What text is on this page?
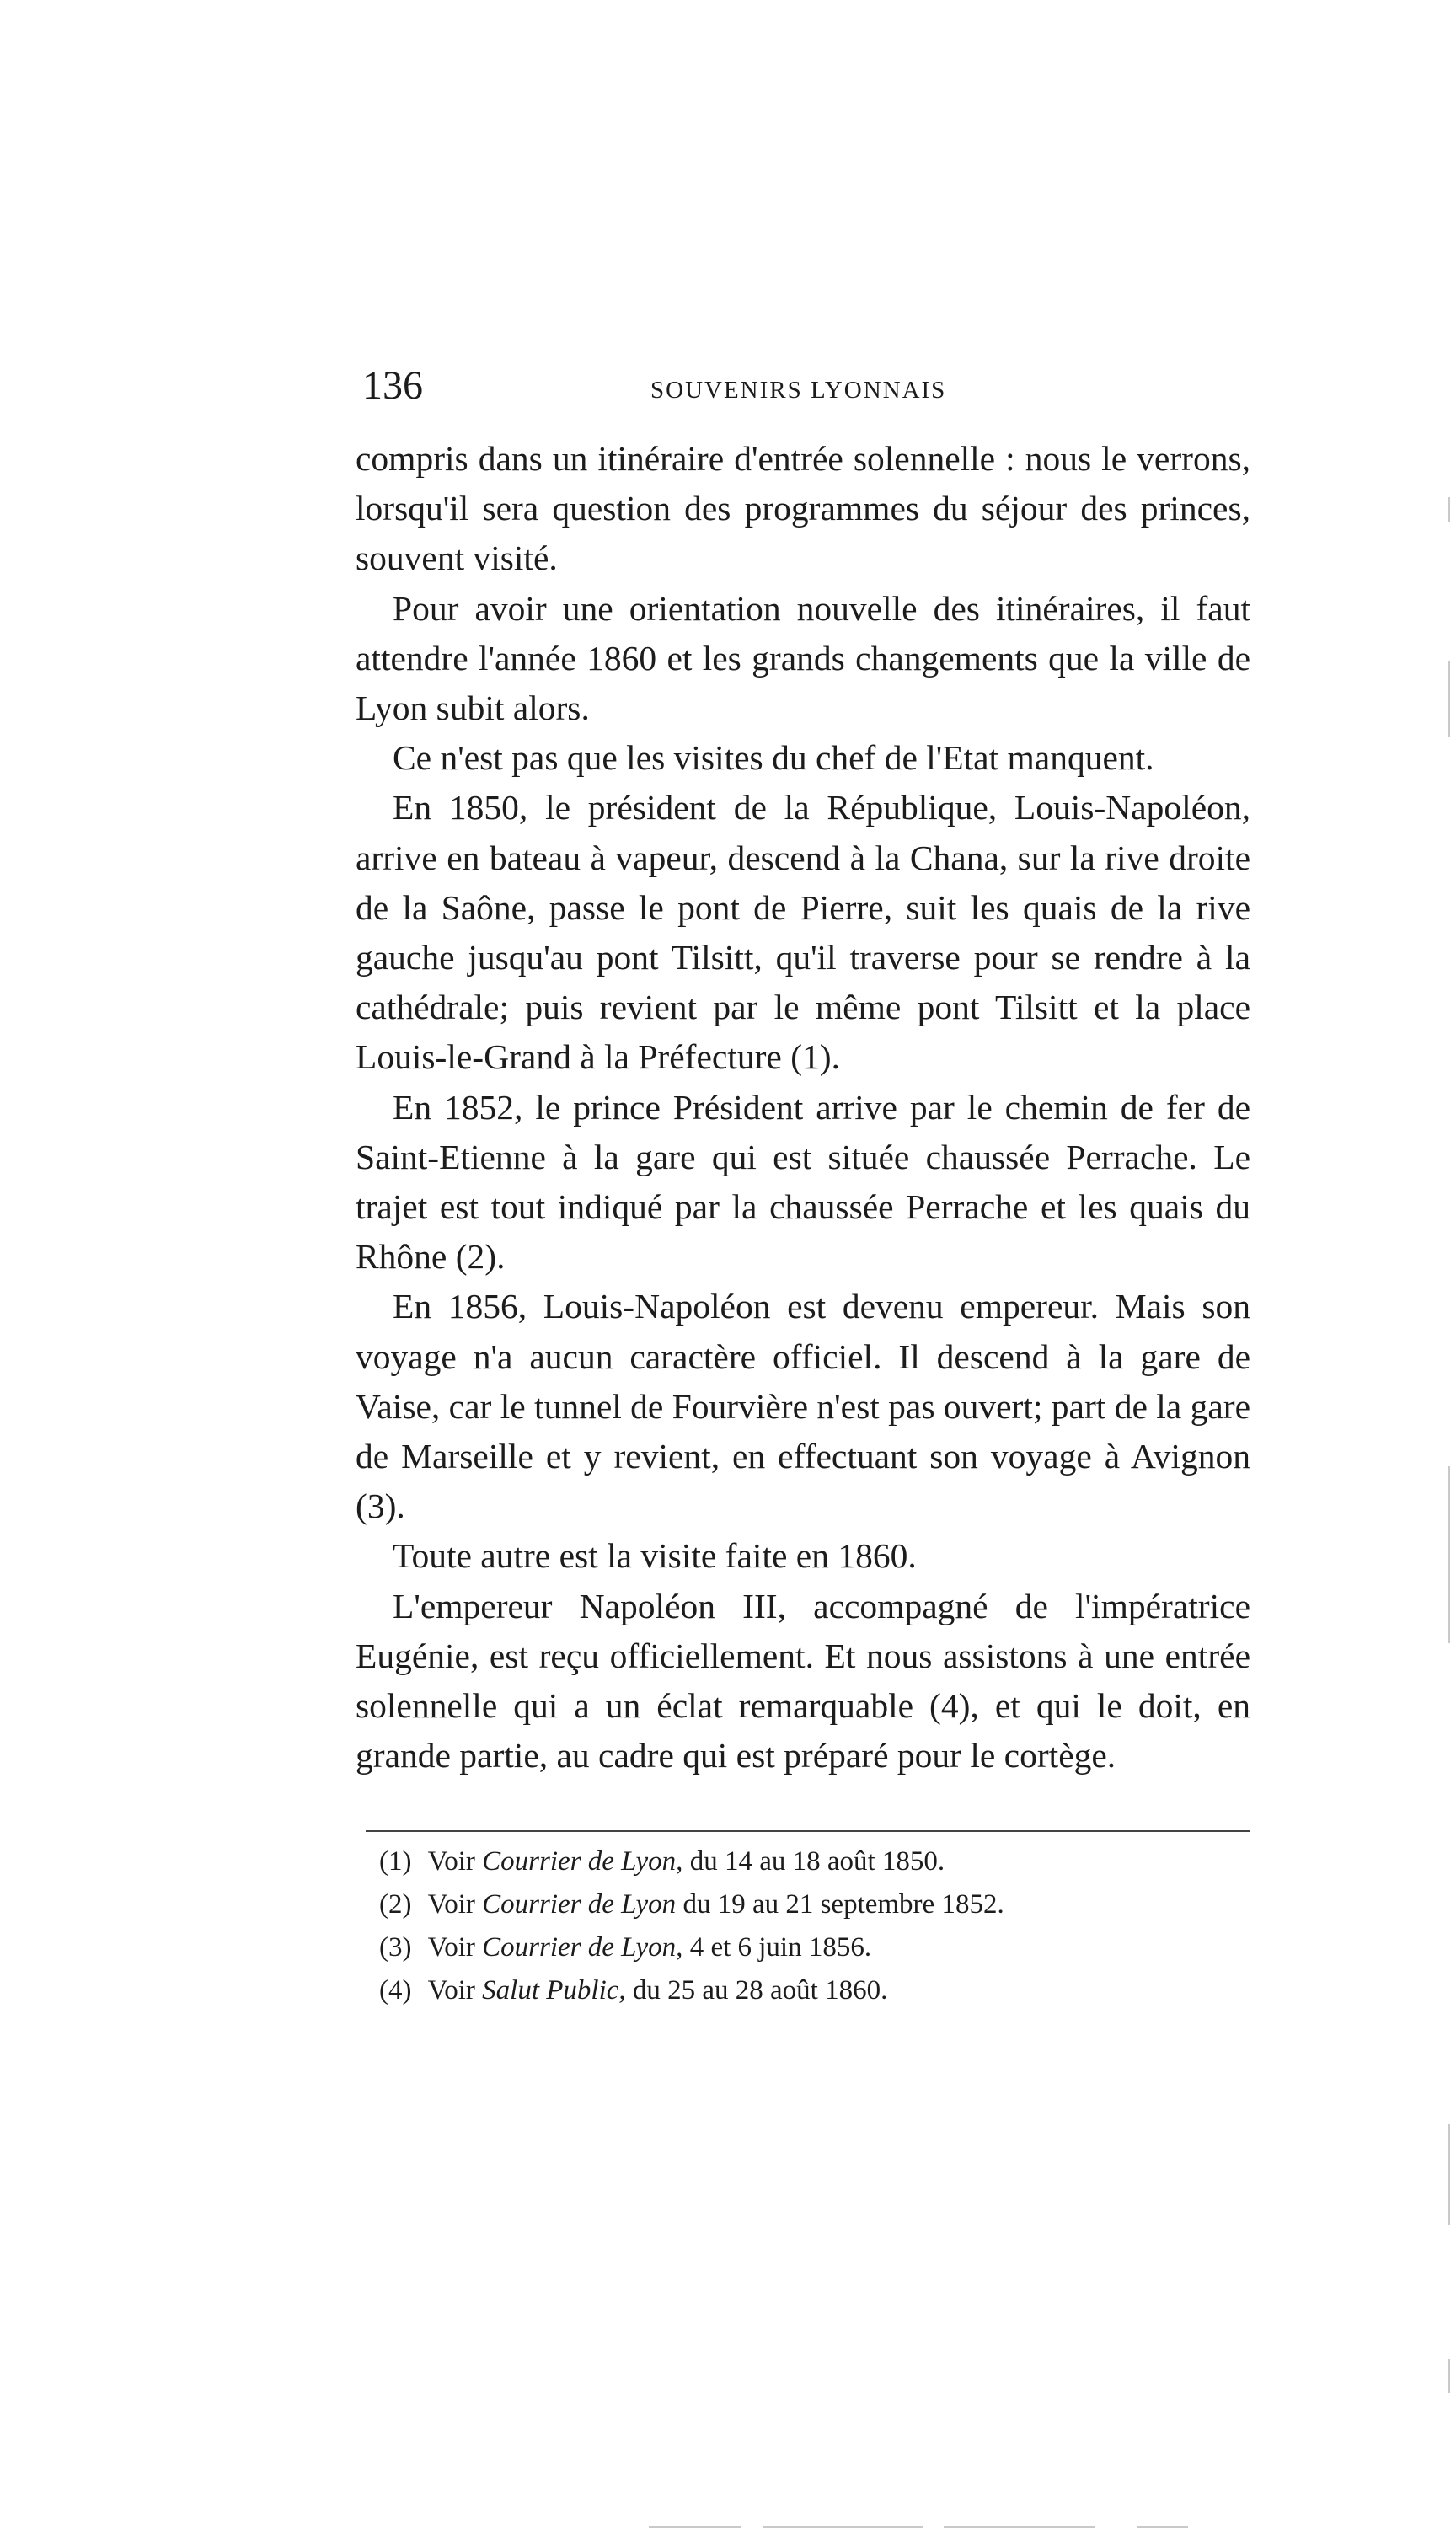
136	SOUVENIRS LYONNAIS

compris dans un itinéraire d'entrée solennelle : nous le verrons, lorsqu'il sera question des programmes du séjour des princes, souvent visité.

Pour avoir une orientation nouvelle des itinéraires, il faut attendre l'année 1860 et les grands changements que la ville de Lyon subit alors.

Ce n'est pas que les visites du chef de l'Etat manquent.

En 1850, le président de la République, Louis-Napoléon, arrive en bateau à vapeur, descend à la Chana, sur la rive droite de la Saône, passe le pont de Pierre, suit les quais de la rive gauche jusqu'au pont Tilsitt, qu'il traverse pour se rendre à la cathédrale; puis revient par le même pont Tilsitt et la place Louis-le-Grand à la Préfecture (1).

En 1852, le prince Président arrive par le chemin de fer de Saint-Etienne à la gare qui est située chaussée Perrache. Le trajet est tout indiqué par la chaussée Perrache et les quais du Rhône (2).

En 1856, Louis-Napoléon est devenu empereur. Mais son voyage n'a aucun caractère officiel. Il descend à la gare de Vaise, car le tunnel de Fourvière n'est pas ouvert; part de la gare de Marseille et y revient, en effectuant son voyage à Avignon (3).

Toute autre est la visite faite en 1860.

L'empereur Napoléon III, accompagné de l'impératrice Eugénie, est reçu officiellement. Et nous assistons à une entrée solennelle qui a un éclat remarquable (4), et qui le doit, en grande partie, au cadre qui est préparé pour le cortège.

(1) Voir Courrier de Lyon, du 14 au 18 août 1850.
(2) Voir Courrier de Lyon du 19 au 21 septembre 1852.
(3) Voir Courrier de Lyon, 4 et 6 juin 1856.
(4) Voir Salut Public, du 25 au 28 août 1860.
